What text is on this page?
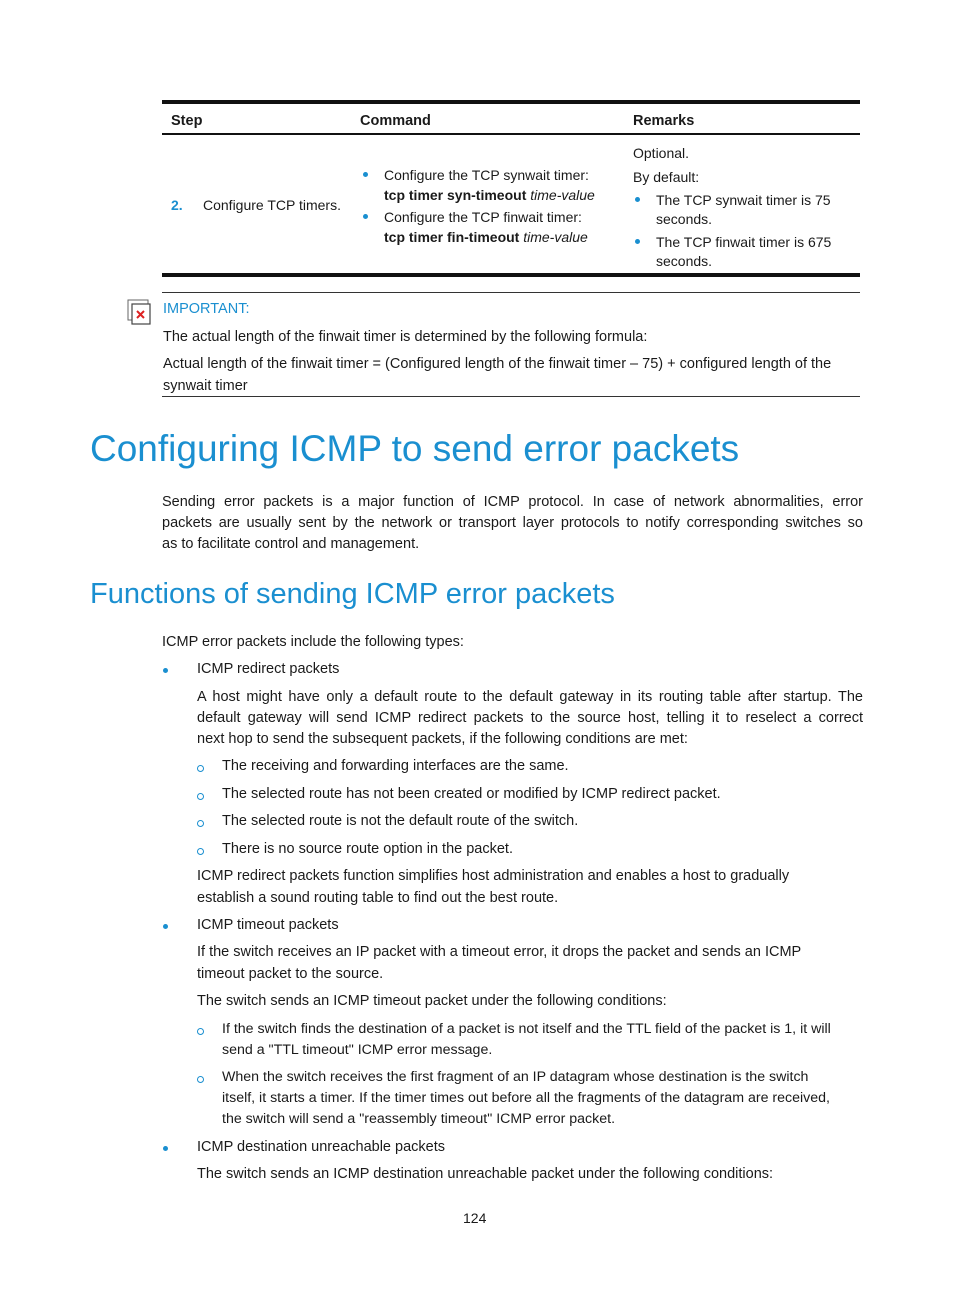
Step	Command	Remarks
2. Configure TCP timers.
Configure the TCP synwait timer:
tcp timer syn-timeout time-value
Configure the TCP finwait timer:
tcp timer fin-timeout time-value
Optional.
By default:
The TCP synwait timer is 75
seconds.
The TCP finwait timer is 675
seconds.
IMPORTANT:
The actual length of the finwait timer is determined by the following formula:
Actual length of the finwait timer = (Configured length of the finwait timer – 75) + configured length of the
synwait timer
Configuring ICMP to send error packets
Sending error packets is a major function of ICMP protocol. In case of network abnormalities, error
packets are usually sent by the network or transport layer protocols to notify corresponding switches so
as to facilitate control and management.
Functions of sending ICMP error packets
ICMP error packets include the following types:
ICMP redirect packets
A host might have only a default route to the default gateway in its routing table after startup. The
default gateway will send ICMP redirect packets to the source host, telling it to reselect a correct
next hop to send the subsequent packets, if the following conditions are met:
The receiving and forwarding interfaces are the same.
The selected route has not been created or modified by ICMP redirect packet.
The selected route is not the default route of the switch.
There is no source route option in the packet.
ICMP redirect packets function simplifies host administration and enables a host to gradually
establish a sound routing table to find out the best route.
ICMP timeout packets
If the switch receives an IP packet with a timeout error, it drops the packet and sends an ICMP
timeout packet to the source.
The switch sends an ICMP timeout packet under the following conditions:
If the switch finds the destination of a packet is not itself and the TTL field of the packet is 1, it will
send a "TTL timeout" ICMP error message.
When the switch receives the first fragment of an IP datagram whose destination is the switch
itself, it starts a timer. If the timer times out before all the fragments of the datagram are received,
the switch will send a "reassembly timeout" ICMP error packet.
ICMP destination unreachable packets
The switch sends an ICMP destination unreachable packet under the following conditions:
124
